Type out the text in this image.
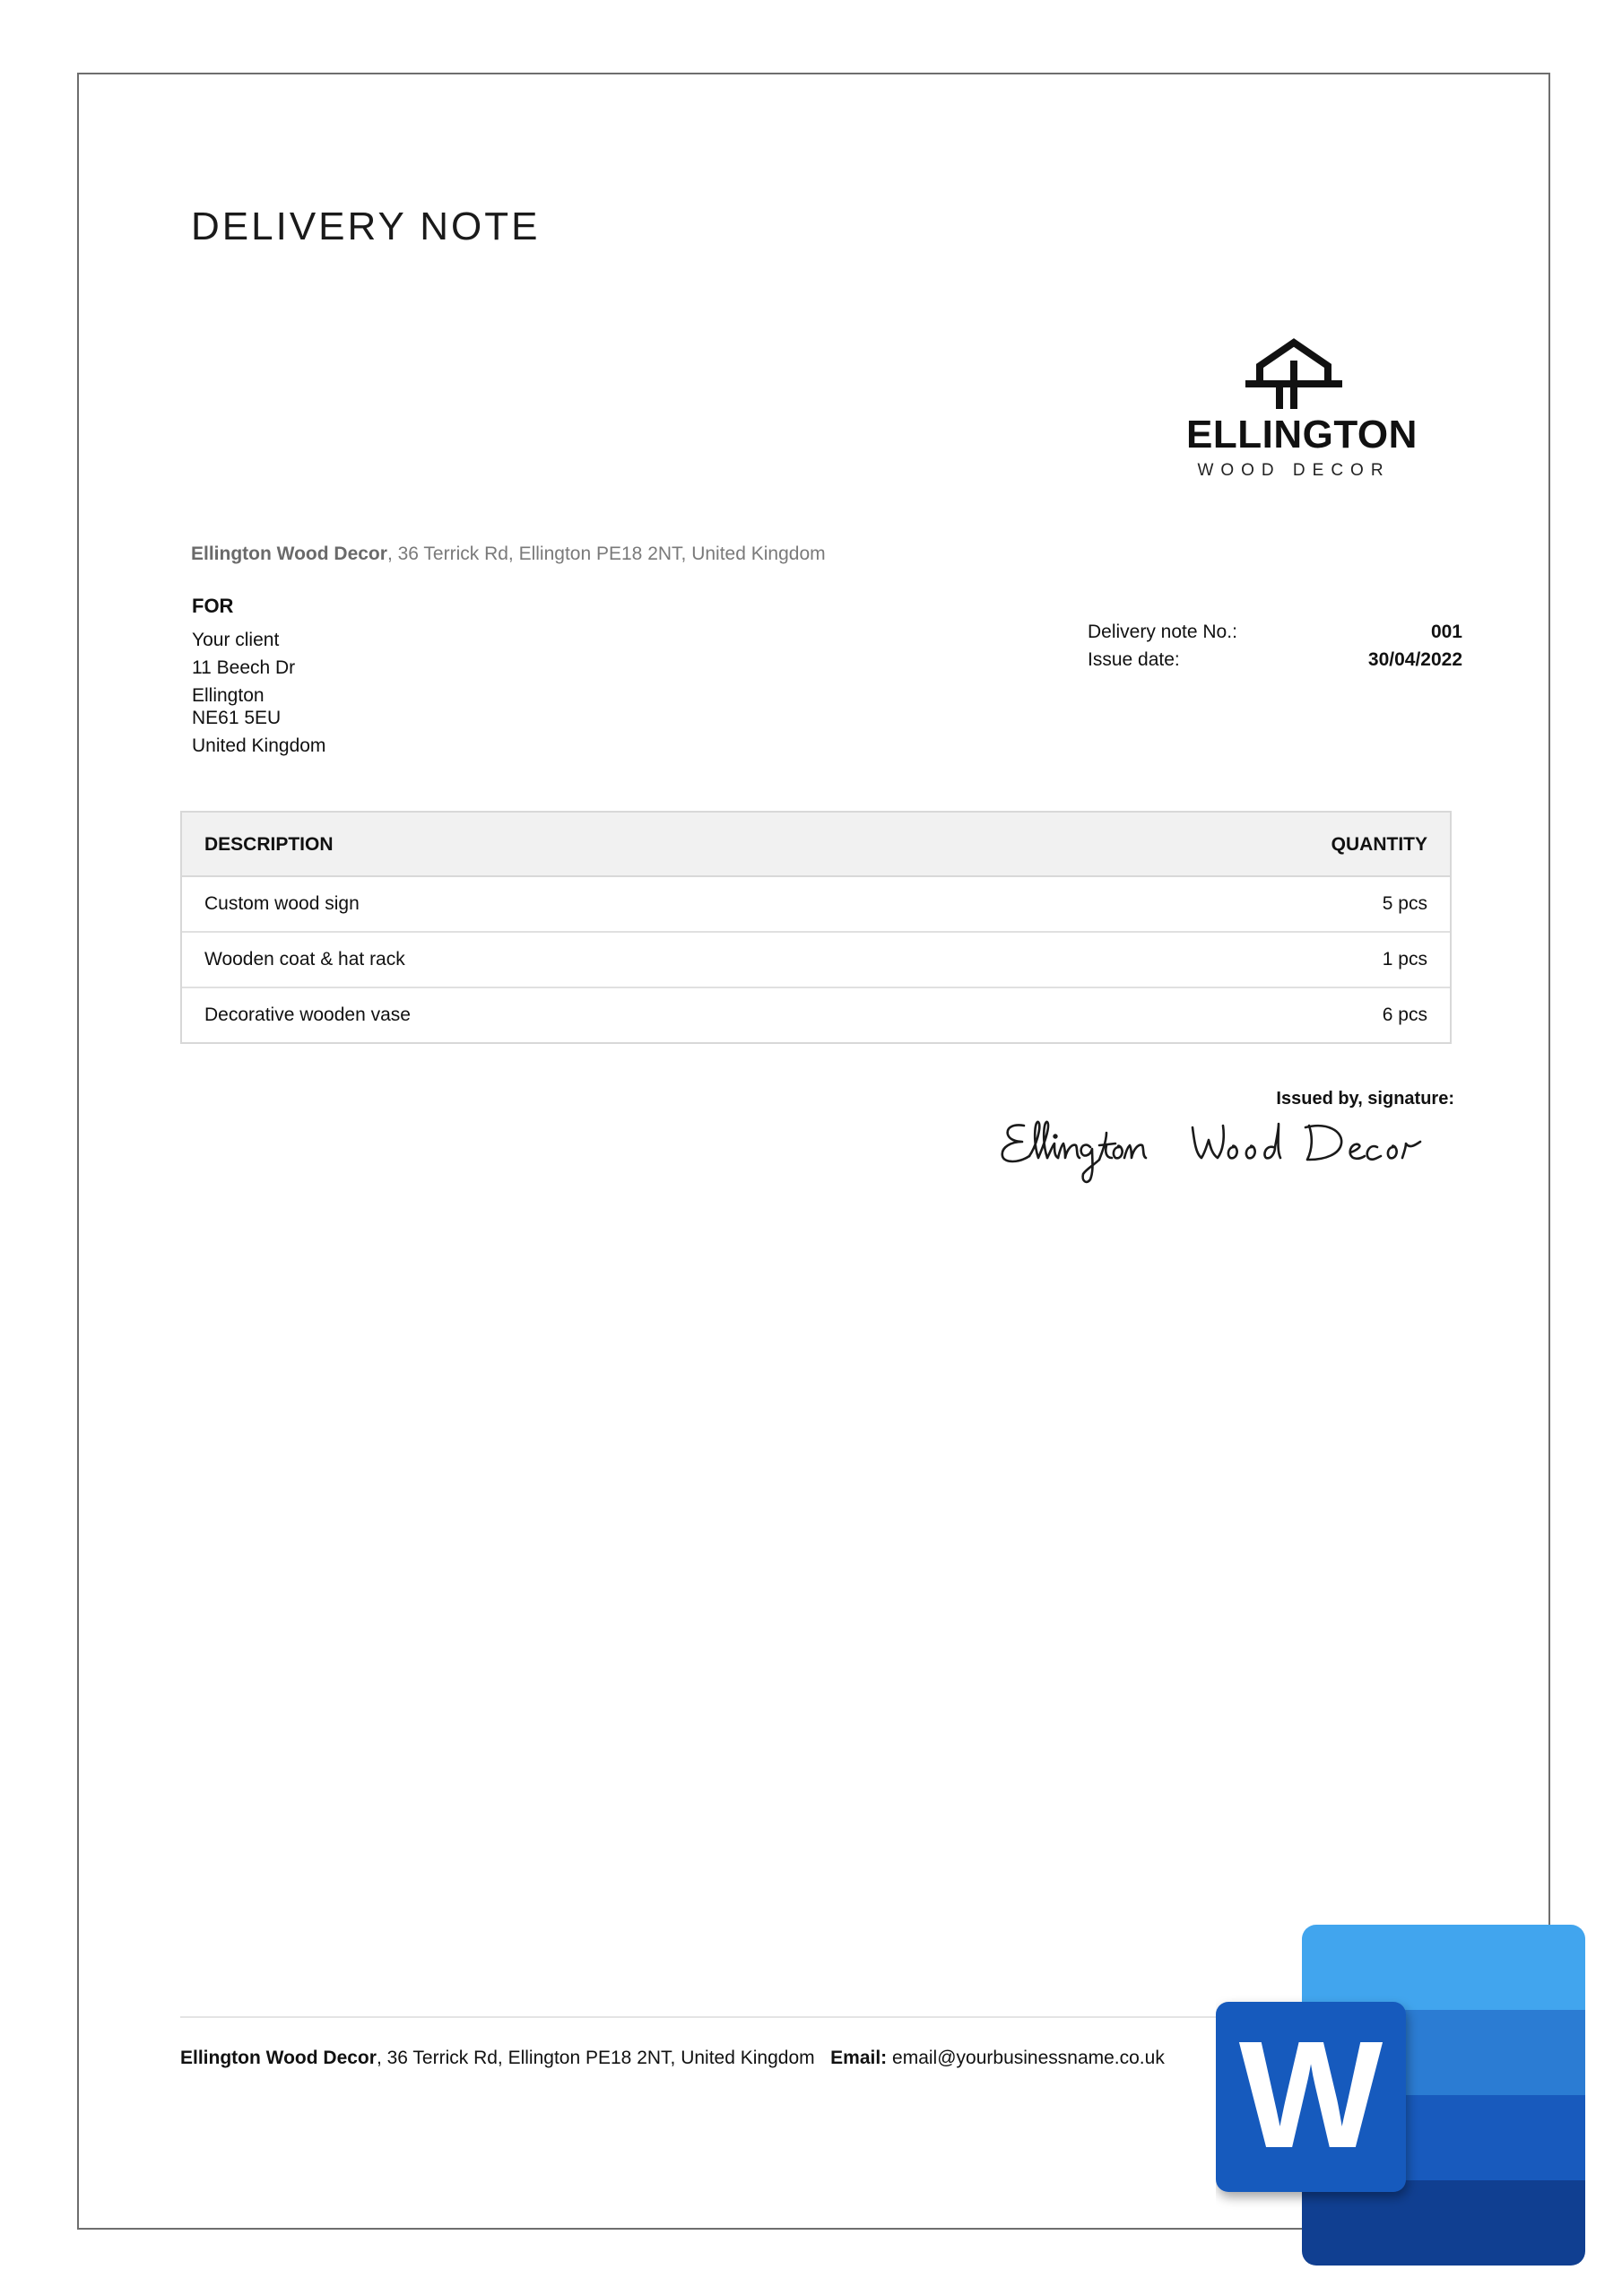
DELIVERY NOTE
ELLINGTON
WOOD DECOR
Ellington Wood Decor, 36 Terrick Rd, Ellington PE18 2NT, United Kingdom
FOR
Your client
11 Beech Dr
Ellington
NE61 5EU
United Kingdom
Delivery note No.:	001
Issue date:	30/04/2022
DESCRIPTION	QUANTITY
Custom wood sign	5 pcs
Wooden coat & hat rack	1 pcs
Decorative wooden vase	6 pcs
Issued by, signature:
Ellington Wood Decor, 36 Terrick Rd, Ellington PE18 2NT, United Kingdom Email: email@yourbusinessname.co.uk W
